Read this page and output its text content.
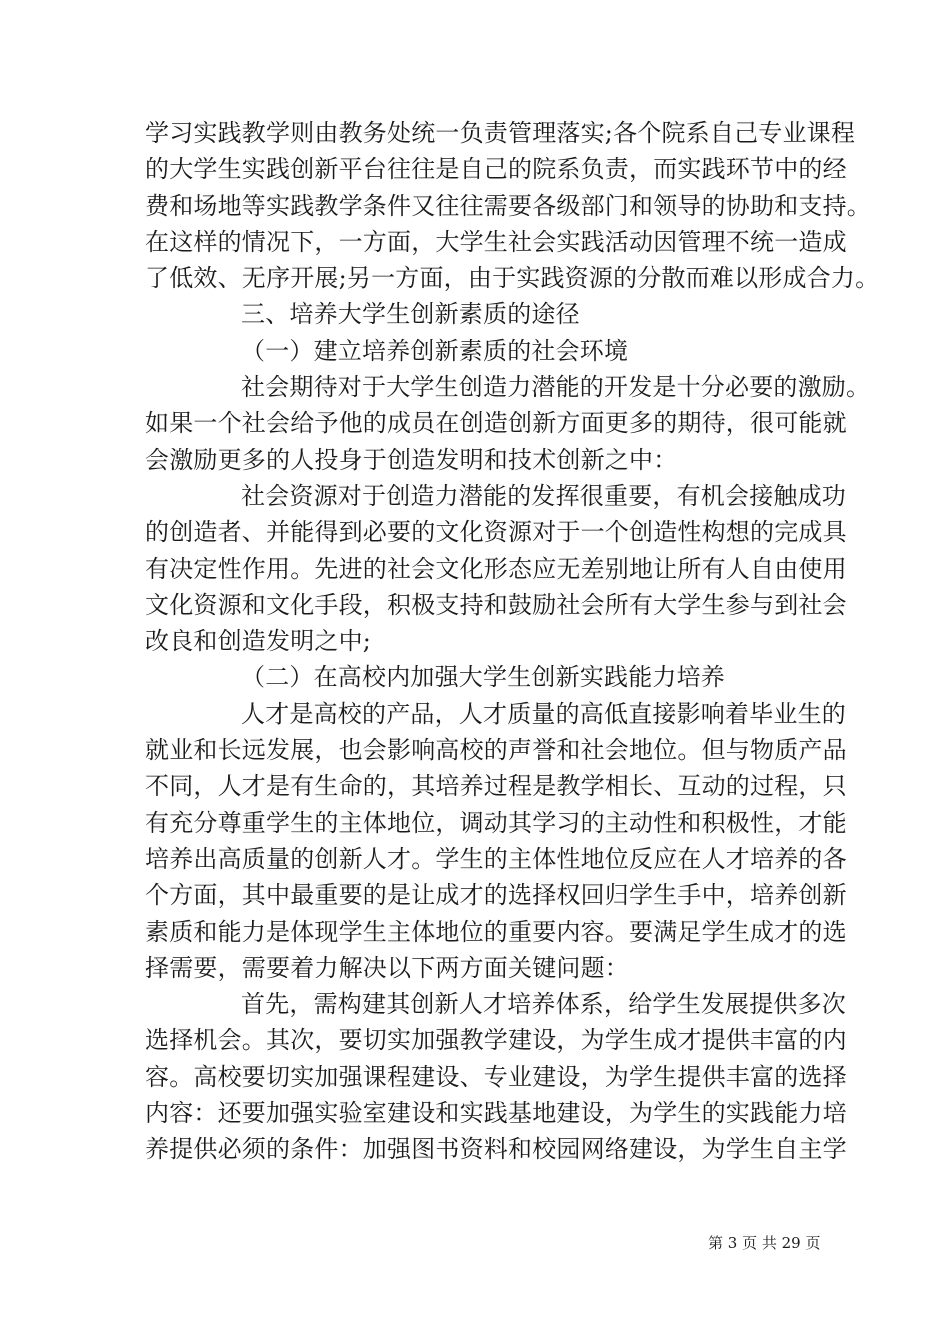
学习实践教学则由教务处统一负责管理落实;各个院系自己专业课程
的大学生实践创新平台往往是自己的院系负责，而实践环节中的经
费和场地等实践教学条件又往往需要各级部门和领导的协助和支持。
在这样的情况下，一方面，大学生社会实践活动因管理不统一造成
了低效、无序开展;另一方面，由于实践资源的分散而难以形成合力。
三、培养大学生创新素质的途径
（一）建立培养创新素质的社会环境
社会期待对于大学生创造力潜能的开发是十分必要的激励。
如果一个社会给予他的成员在创造创新方面更多的期待，很可能就
会激励更多的人投身于创造发明和技术创新之中：
社会资源对于创造力潜能的发挥很重要，有机会接触成功
的创造者、并能得到必要的文化资源对于一个创造性构想的完成具
有决定性作用。先进的社会文化形态应无差别地让所有人自由使用
文化资源和文化手段，积极支持和鼓励社会所有大学生参与到社会
改良和创造发明之中;
（二）在高校内加强大学生创新实践能力培养
人才是高校的产品，人才质量的高低直接影响着毕业生的
就业和长远发展，也会影响高校的声誉和社会地位。但与物质产品
不同，人才是有生命的，其培养过程是教学相长、互动的过程，只
有充分尊重学生的主体地位，调动其学习的主动性和积极性，才能
培养出高质量的创新人才。学生的主体性地位反应在人才培养的各
个方面，其中最重要的是让成才的选择权回归学生手中，培养创新
素质和能力是体现学生主体地位的重要内容。要满足学生成才的选
择需要，需要着力解决以下两方面关键问题：
首先，需构建其创新人才培养体系，给学生发展提供多次
选择机会。其次，要切实加强教学建设，为学生成才提供丰富的内
容。高校要切实加强课程建设、专业建设，为学生提供丰富的选择
内容：还要加强实验室建设和实践基地建设，为学生的实践能力培
养提供必须的条件：加强图书资料和校园网络建设，为学生自主学
第 3 页 共 29 页
